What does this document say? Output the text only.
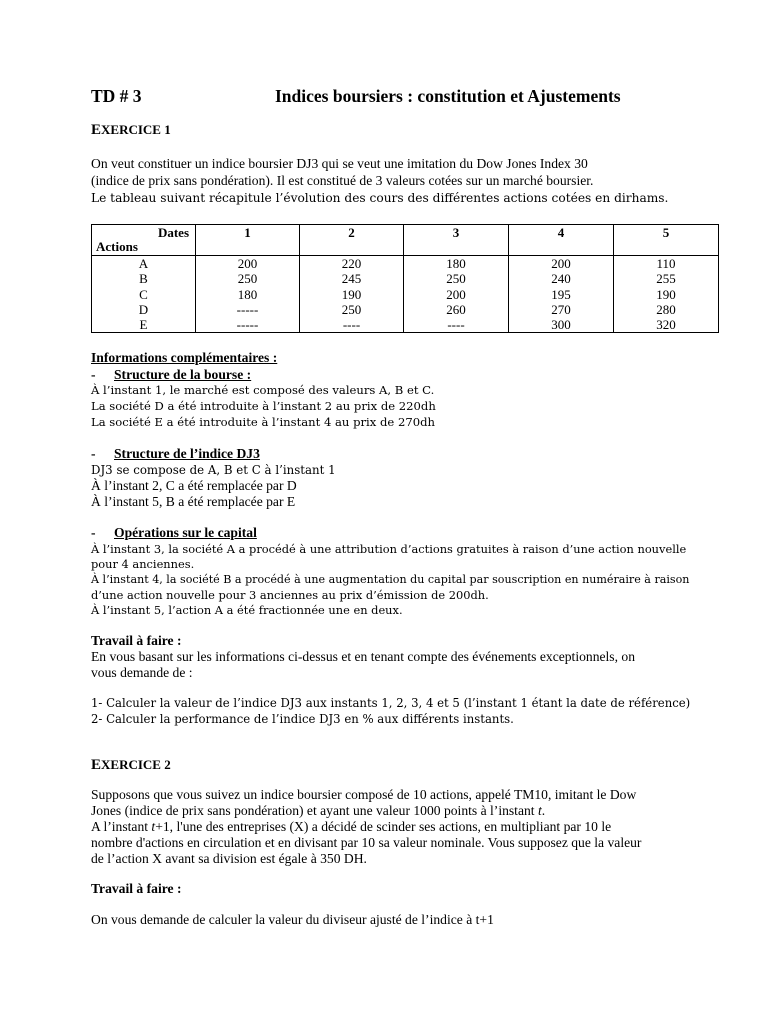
TD # 3	Indices boursiers : constitution et Ajustements
EXERCICE 1
On veut constituer un indice boursier DJ3 qui se veut une imitation du Dow Jones Index 30
(indice de prix sans pondération). Il est constitué de 3 valeurs cotées sur un marché boursier.
Le tableau suivant récapitule l’évolution des cours des différentes actions cotées en dirhams.
Dates
Actions	1	2	3	4	5
A	200	220	180	200	110
B	250	245	250	240	255
C	180	190	200	195	190
D	-----	250	260	270	280
E	-----	----	----	300	320
Informations complémentaires :
- Structure de la bourse :
À l’instant 1, le marché est composé des valeurs A, B et C.
La société D a été introduite à l’instant 2 au prix de 220dh
La société E a été introduite à l’instant 4 au prix de 270dh
- Structure de l’indice DJ3
DJ3 se compose de A, B et C à l’instant 1
À l’instant 2, C a été remplacée par D
À l’instant 5, B a été remplacée par E
- Opérations sur le capital
À l’instant 3, la société A a procédé à une attribution d’actions gratuites à raison d’une action nouvelle
pour 4 anciennes.
À l’instant 4, la société B a procédé à une augmentation du capital par souscription en numéraire à raison
d’une action nouvelle pour 3 anciennes au prix d’émission de 200dh.
À l’instant 5, l’action A a été fractionnée une en deux.
Travail à faire :
En vous basant sur les informations ci-dessus et en tenant compte des événements exceptionnels, on
vous demande de :
1- Calculer la valeur de l’indice DJ3 aux instants 1, 2, 3, 4 et 5 (l’instant 1 étant la date de référence)
2- Calculer la performance de l’indice DJ3 en % aux différents instants.
EXERCICE 2
Supposons que vous suivez un indice boursier composé de 10 actions, appelé TM10, imitant le Dow
Jones (indice de prix sans pondération) et ayant une valeur 1000 points à l’instant t.
A l’instant t+1, l'une des entreprises (X) a décidé de scinder ses actions, en multipliant par 10 le
nombre d'actions en circulation et en divisant par 10 sa valeur nominale. Vous supposez que la valeur
de l’action X avant sa division est égale à 350 DH.
Travail à faire :
On vous demande de calculer la valeur du diviseur ajusté de l’indice à t+1
